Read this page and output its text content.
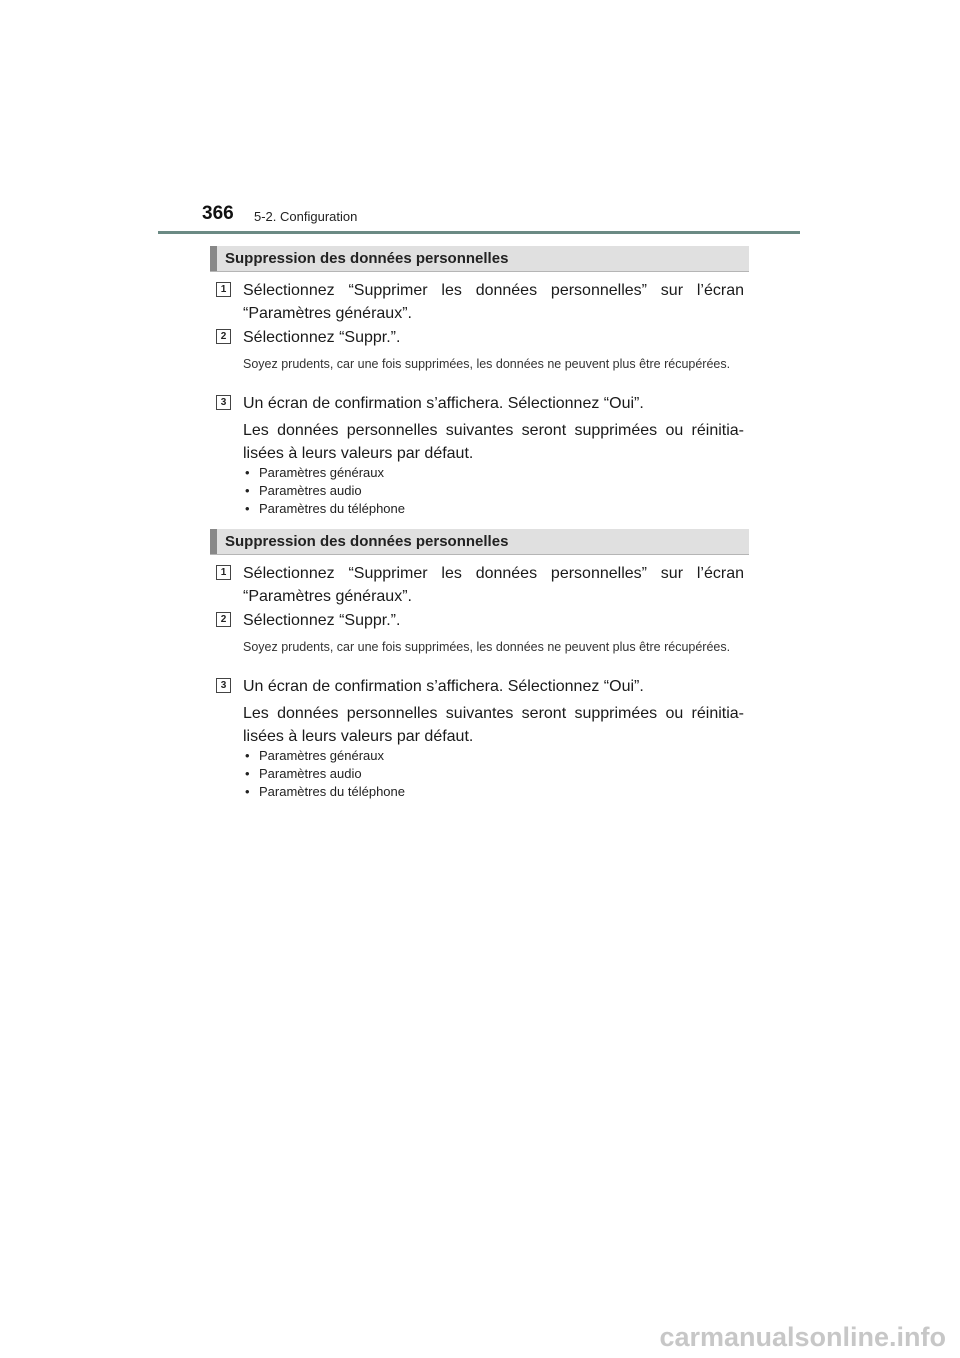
366 5-2. Configuration
Suppression des données personnelles
1 Sélectionnez “Supprimer les données personnelles” sur l’écran “Paramètres généraux”.
2 Sélectionnez “Suppr.”.
Soyez prudents, car une fois supprimées, les données ne peuvent plus être récupérées.
3 Un écran de confirmation s’affichera. Sélectionnez “Oui”.
Les données personnelles suivantes seront supprimées ou réinitia-lisées à leurs valeurs par défaut.
• Paramètres généraux
• Paramètres audio
• Paramètres du téléphone
Suppression des données personnelles
1 Sélectionnez “Supprimer les données personnelles” sur l’écran “Paramètres généraux”.
2 Sélectionnez “Suppr.”.
Soyez prudents, car une fois supprimées, les données ne peuvent plus être récupérées.
3 Un écran de confirmation s’affichera. Sélectionnez “Oui”.
Les données personnelles suivantes seront supprimées ou réinitia-lisées à leurs valeurs par défaut.
• Paramètres généraux
• Paramètres audio
• Paramètres du téléphone
carmanualsonline.info
